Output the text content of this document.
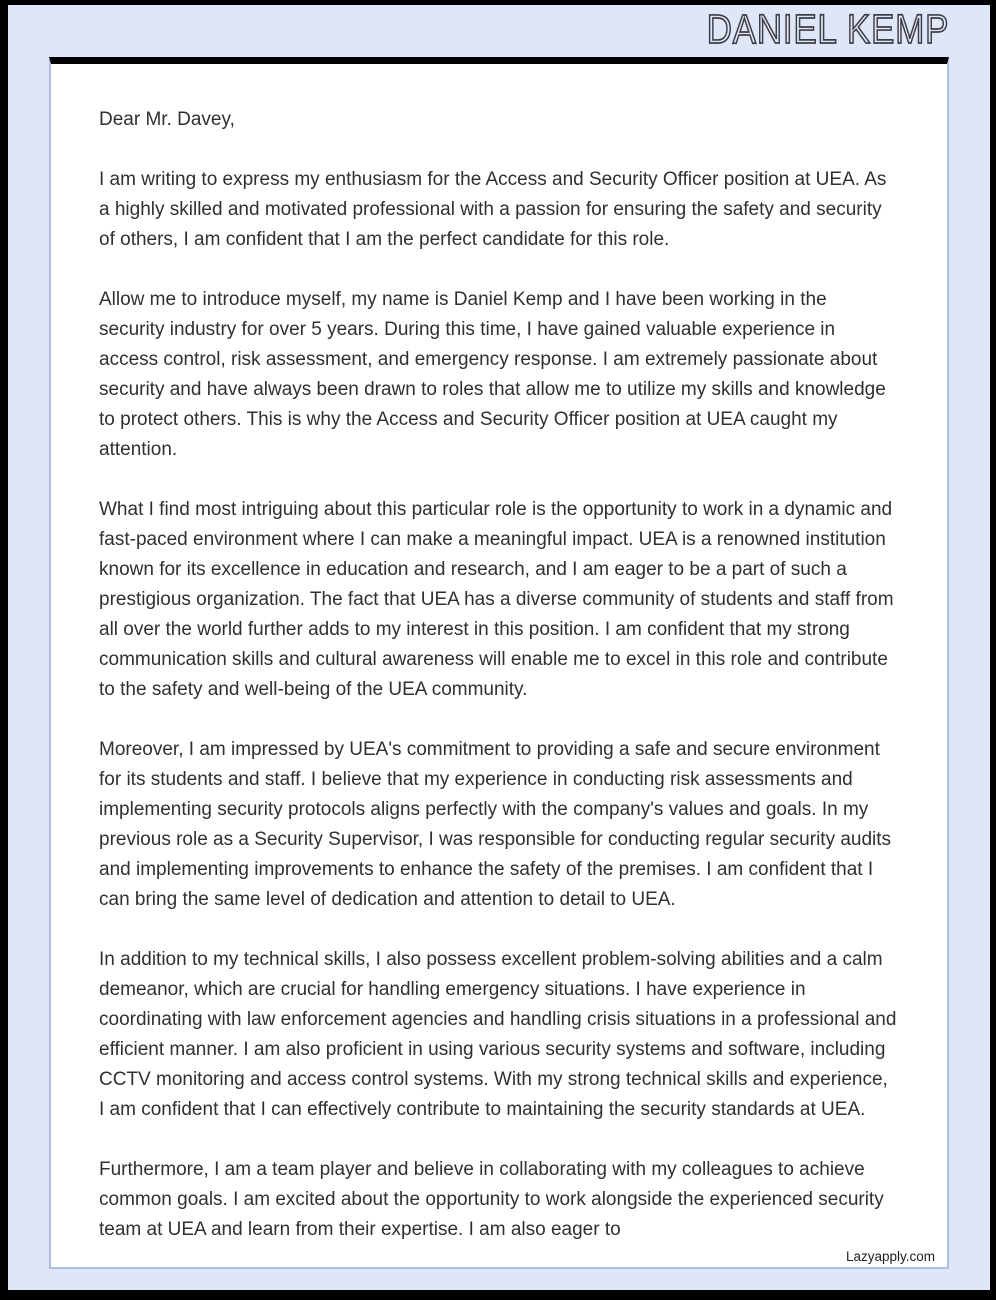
DANIEL KEMP

Dear Mr. Davey,

I am writing to express my enthusiasm for the Access and Security Officer position at UEA. As a highly skilled and motivated professional with a passion for ensuring the safety and security of others, I am confident that I am the perfect candidate for this role.

Allow me to introduce myself, my name is Daniel Kemp and I have been working in the security industry for over 5 years. During this time, I have gained valuable experience in access control, risk assessment, and emergency response. I am extremely passionate about security and have always been drawn to roles that allow me to utilize my skills and knowledge to protect others. This is why the Access and Security Officer position at UEA caught my attention.

What I find most intriguing about this particular role is the opportunity to work in a dynamic and fast-paced environment where I can make a meaningful impact. UEA is a renowned institution known for its excellence in education and research, and I am eager to be a part of such a prestigious organization. The fact that UEA has a diverse community of students and staff from all over the world further adds to my interest in this position. I am confident that my strong communication skills and cultural awareness will enable me to excel in this role and contribute to the safety and well-being of the UEA community.

Moreover, I am impressed by UEA's commitment to providing a safe and secure environment for its students and staff. I believe that my experience in conducting risk assessments and implementing security protocols aligns perfectly with the company's values and goals. In my previous role as a Security Supervisor, I was responsible for conducting regular security audits and implementing improvements to enhance the safety of the premises. I am confident that I can bring the same level of dedication and attention to detail to UEA.

In addition to my technical skills, I also possess excellent problem-solving abilities and a calm demeanor, which are crucial for handling emergency situations. I have experience in coordinating with law enforcement agencies and handling crisis situations in a professional and efficient manner. I am also proficient in using various security systems and software, including CCTV monitoring and access control systems. With my strong technical skills and experience, I am confident that I can effectively contribute to maintaining the security standards at UEA.

Furthermore, I am a team player and believe in collaborating with my colleagues to achieve common goals. I am excited about the opportunity to work alongside the experienced security team at UEA and learn from their expertise. I am also eager to

Lazyapply.com
